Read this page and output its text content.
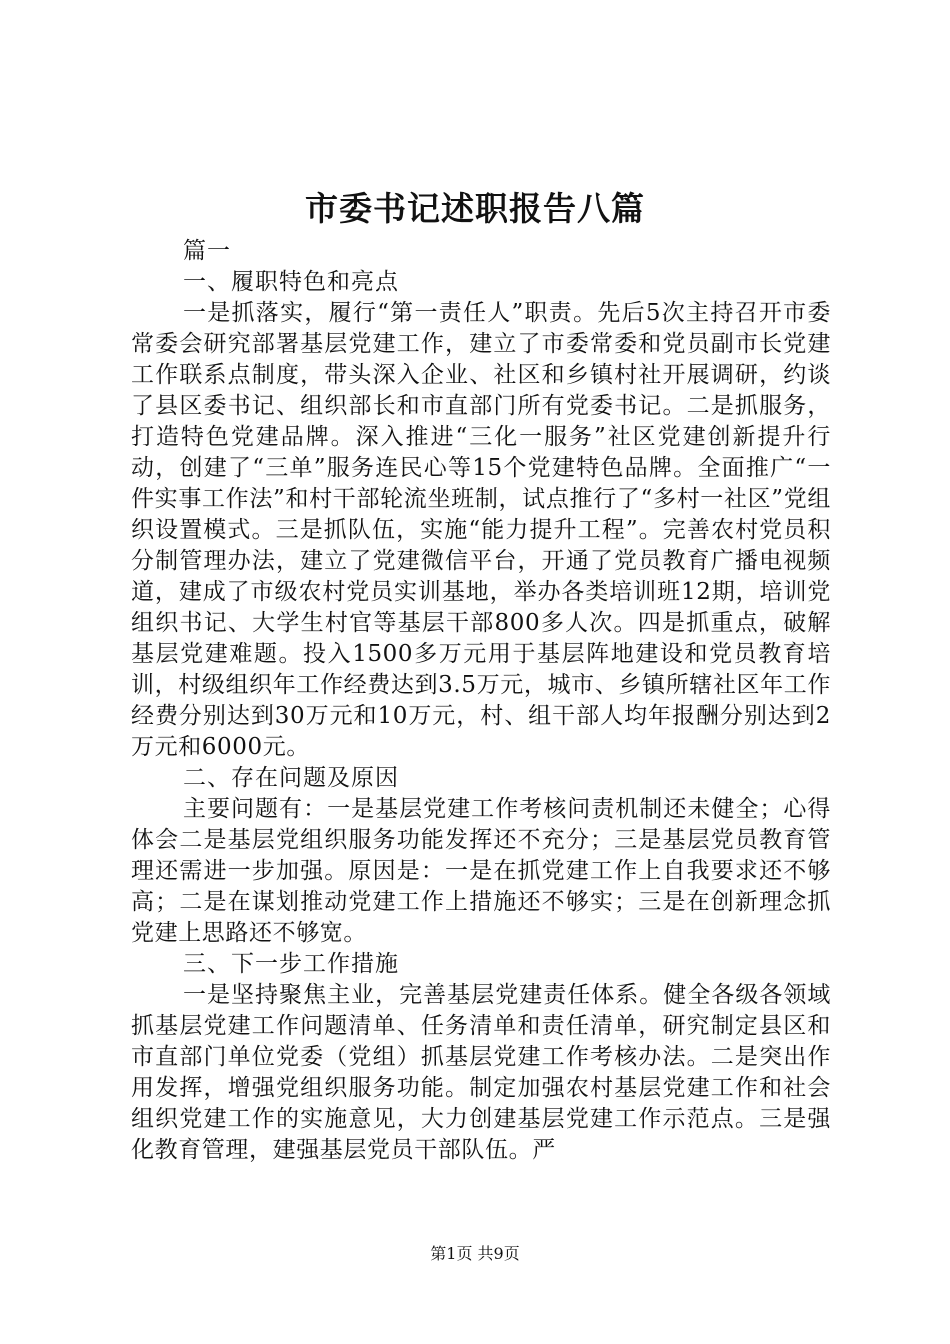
市委书记述职报告八篇

篇一

一、履职特色和亮点

一是抓落实，履行“第一责任人”职责。先后5次主持召开市委常委会研究部署基层党建工作，建立了市委常委和党员副市长党建工作联系点制度，带头深入企业、社区和乡镇村社开展调研，约谈了县区委书记、组织部长和市直部门所有党委书记。二是抓服务，打造特色党建品牌。深入推进“三化一服务”社区党建创新提升行动，创建了“三单”服务连民心等15个党建特色品牌。全面推广“一件实事工作法”和村干部轮流坐班制，试点推行了“多村一社区”党组织设置模式。三是抓队伍，实施“能力提升工程”。完善农村党员积分制管理办法，建立了党建微信平台，开通了党员教育广播电视频道，建成了市级农村党员实训基地，举办各类培训班12期，培训党组织书记、大学生村官等基层干部800多人次。四是抓重点，破解基层党建难题。投入1500多万元用于基层阵地建设和党员教育培训，村级组织年工作经费达到3.5万元，城市、乡镇所辖社区年工作经费分别达到30万元和10万元，村、组干部人均年报酬分别达到2万元和6000元。

二、存在问题及原因

主要问题有：一是基层党建工作考核问责机制还未健全；心得体会二是基层党组织服务功能发挥还不充分；三是基层党员教育管理还需进一步加强。原因是：一是在抓党建工作上自我要求还不够高；二是在谋划推动党建工作上措施还不够实；三是在创新理念抓党建上思路还不够宽。

三、下一步工作措施

一是坚持聚焦主业，完善基层党建责任体系。健全各级各领域抓基层党建工作问题清单、任务清单和责任清单，研究制定县区和市直部门单位党委（党组）抓基层党建工作考核办法。二是突出作用发挥，增强党组织服务功能。制定加强农村基层党建工作和社会组织党建工作的实施意见，大力创建基层党建工作示范点。三是强化教育管理，建强基层党员干部队伍。严

第1页 共9页
